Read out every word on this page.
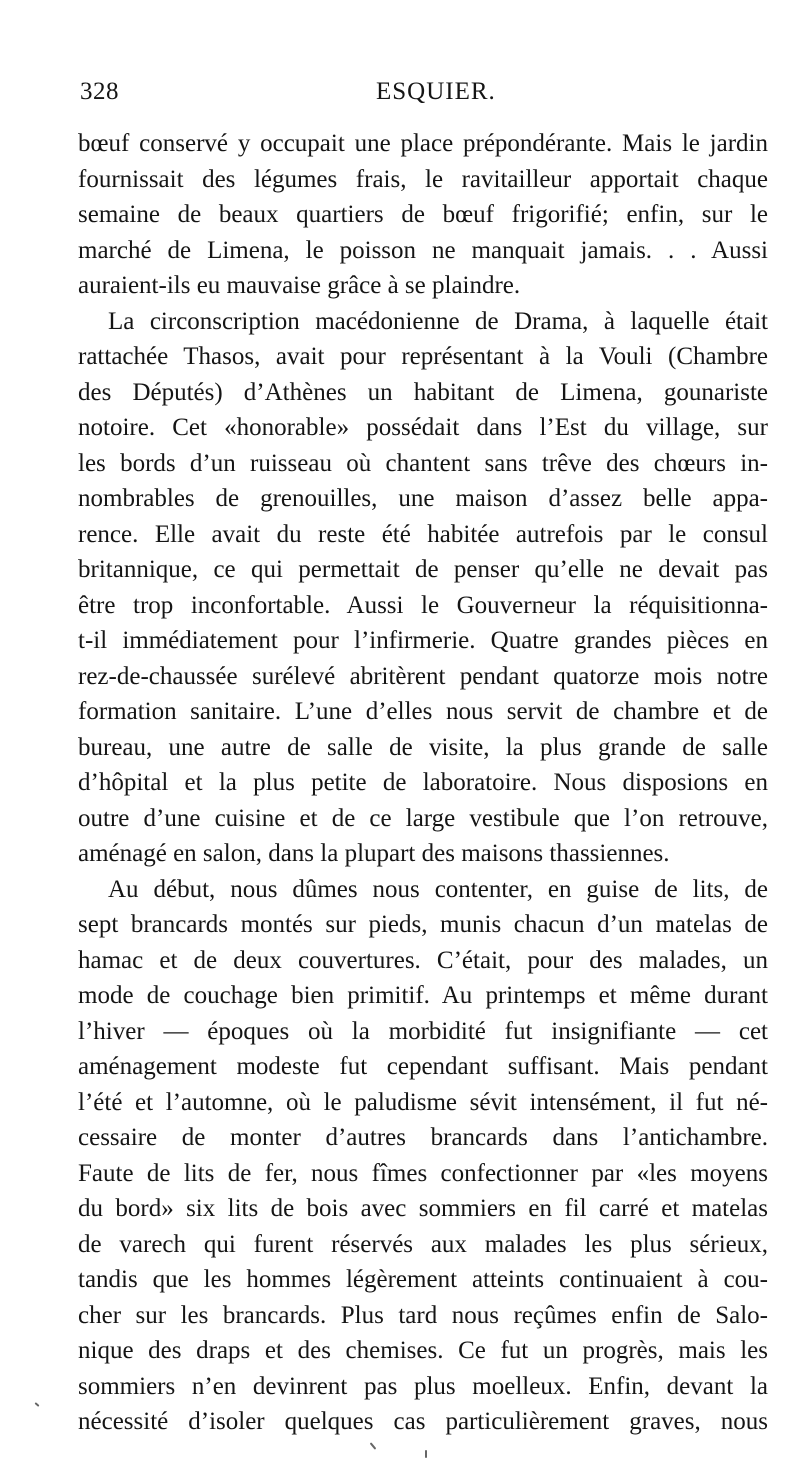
328	ESQUIER.
bœuf conservé y occupait une place prépondérante. Mais le jardin
fournissait des légumes frais, le ravitailleur apportait chaque
semaine de beaux quartiers de bœuf frigorifié; enfin, sur le
marché de Limena, le poisson ne manquait jamais. . . Aussi
auraient-ils eu mauvaise grâce à se plaindre.
La circonscription macédonienne de Drama, à laquelle était
rattachée Thasos, avait pour représentant à la Vouli (Chambre
des Députés) d’Athènes un habitant de Limena, gounariste
notoire. Cet «honorable» possédait dans l’Est du village, sur
les bords d’un ruisseau où chantent sans trêve des chœurs in-
nombrables de grenouilles, une maison d’assez belle appa-
rence. Elle avait du reste été habitée autrefois par le consul
britannique, ce qui permettait de penser qu’elle ne devait pas
être trop inconfortable. Aussi le Gouverneur la réquisitionna-
t-il immédiatement pour l’infirmerie. Quatre grandes pièces en
rez-de-chaussée surélevé abritèrent pendant quatorze mois notre
formation sanitaire. L’une d’elles nous servit de chambre et de
bureau, une autre de salle de visite, la plus grande de salle
d’hôpital et la plus petite de laboratoire. Nous disposions en
outre d’une cuisine et de ce large vestibule que l’on retrouve,
aménagé en salon, dans la plupart des maisons thassiennes.
Au début, nous dûmes nous contenter, en guise de lits, de
sept brancards montés sur pieds, munis chacun d’un matelas de
hamac et de deux couvertures. C’était, pour des malades, un
mode de couchage bien primitif. Au printemps et même durant
l’hiver — époques où la morbidité fut insignifiante — cet
aménagement modeste fut cependant suffisant. Mais pendant
l’été et l’automne, où le paludisme sévit intensément, il fut né-
cessaire de monter d’autres brancards dans l’antichambre.
Faute de lits de fer, nous fîmes confectionner par «les moyens
du bord» six lits de bois avec sommiers en fil carré et matelas
de varech qui furent réservés aux malades les plus sérieux,
tandis que les hommes légèrement atteints continuaient à cou-
cher sur les brancards. Plus tard nous reçûmes enfin de Salo-
nique des draps et des chemises. Ce fut un progrès, mais les
sommiers n’en devinrent pas plus moelleux. Enfin, devant la
nécessité d’isoler quelques cas particulièrement graves, nous
